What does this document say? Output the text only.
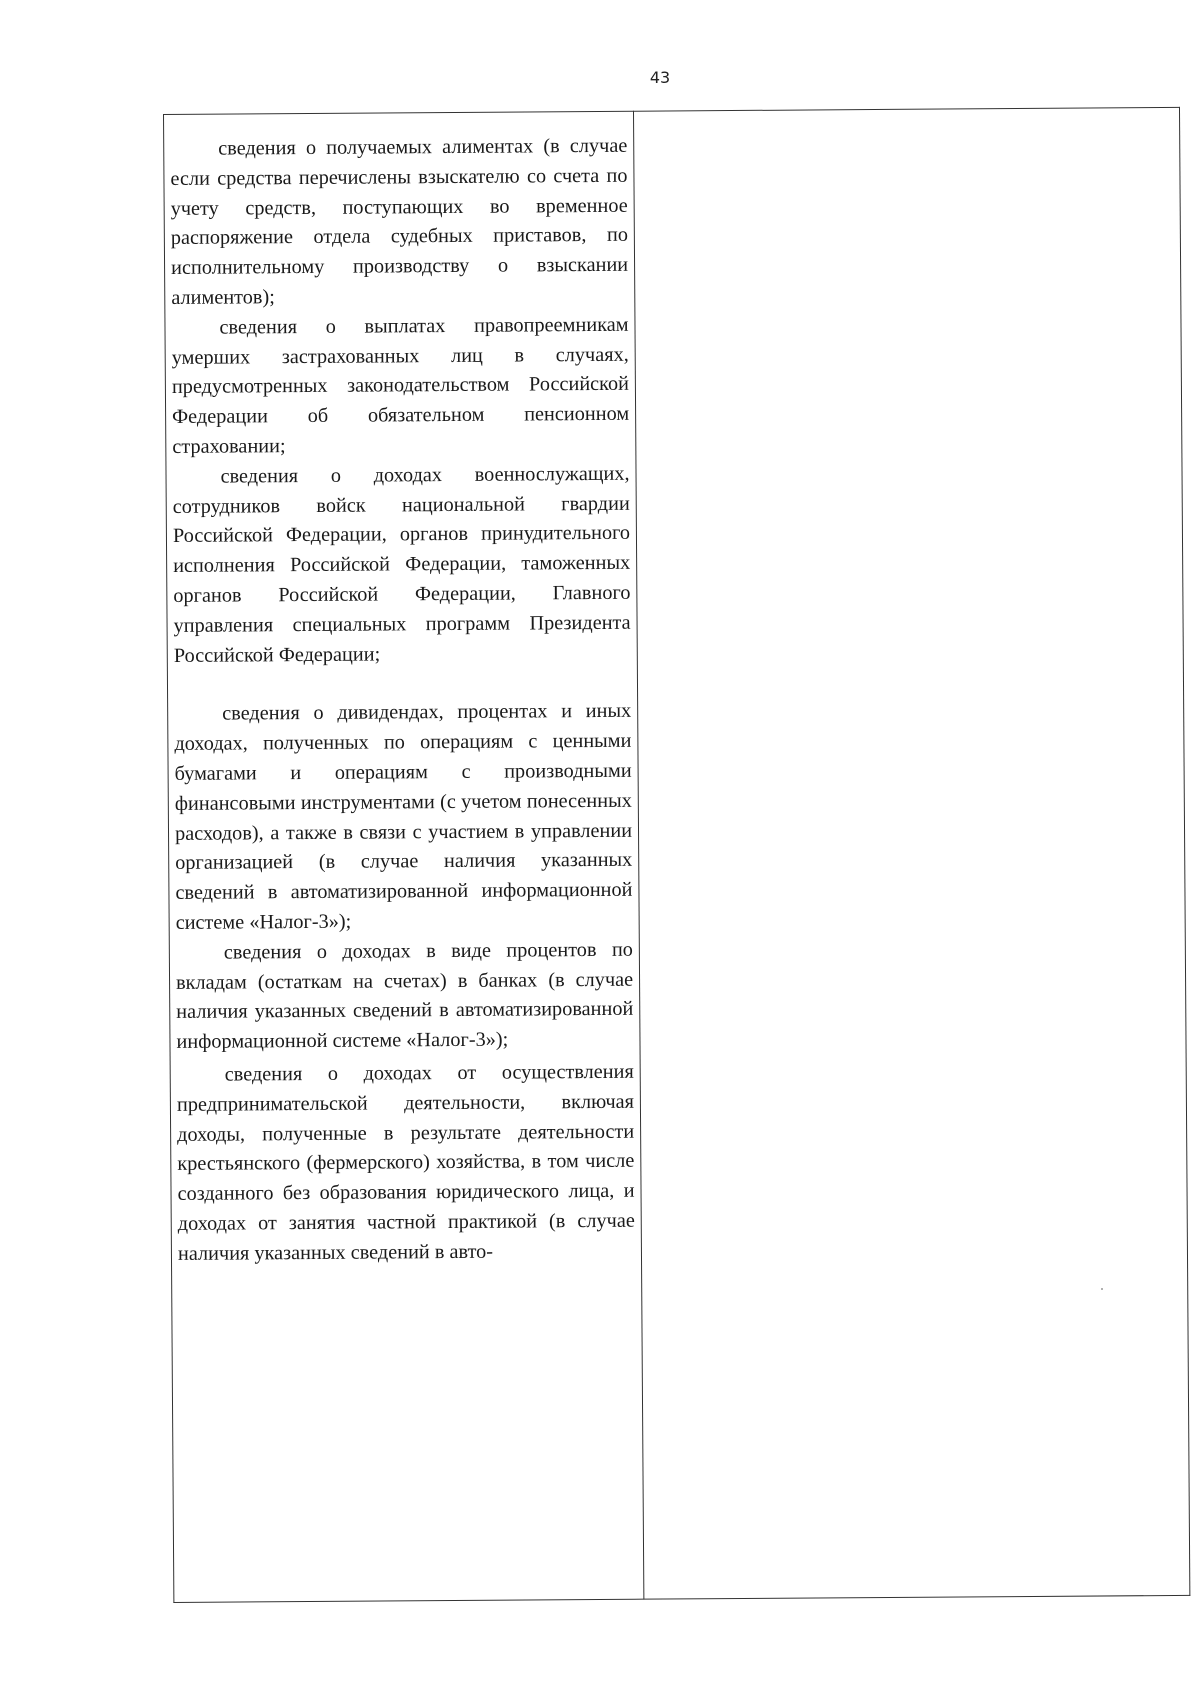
43

сведения о получаемых алиментах (в случае если средства перечислены взыскателю со счета по учету средств, поступающих во временное распоряжение отдела судебных приставов, по исполнительному производству о взыскании алиментов);

сведения о выплатах правопреемникам умерших застрахованных лиц в случаях, предусмотренных законодательством Российской Федерации об обязательном пенсионном страховании;

сведения о доходах военнослужащих, сотрудников войск национальной гвардии Российской Федерации, органов принудительного исполнения Российской Федерации, таможенных органов Российской Федерации, Главного управления специальных программ Президента Российской Федерации;

сведения о дивидендах, процентах и иных доходах, полученных по операциям с ценными бумагами и операциям с производными финансовыми инструментами (с учетом понесенных расходов), а также в связи с участием в управлении организацией (в случае наличия указанных сведений в автоматизированной информационной системе «Налог-3»);

сведения о доходах в виде процентов по вкладам (остаткам на счетах) в банках (в случае наличия указанных сведений в автоматизированной информационной системе «Налог-3»);

сведения о доходах от осуществления предпринимательской деятельности, включая доходы, полученные в результате деятельности крестьянского (фермерского) хозяйства, в том числе созданного без образования юридического лица, и доходах от занятия частной практикой (в случае наличия указанных сведений в авто-
